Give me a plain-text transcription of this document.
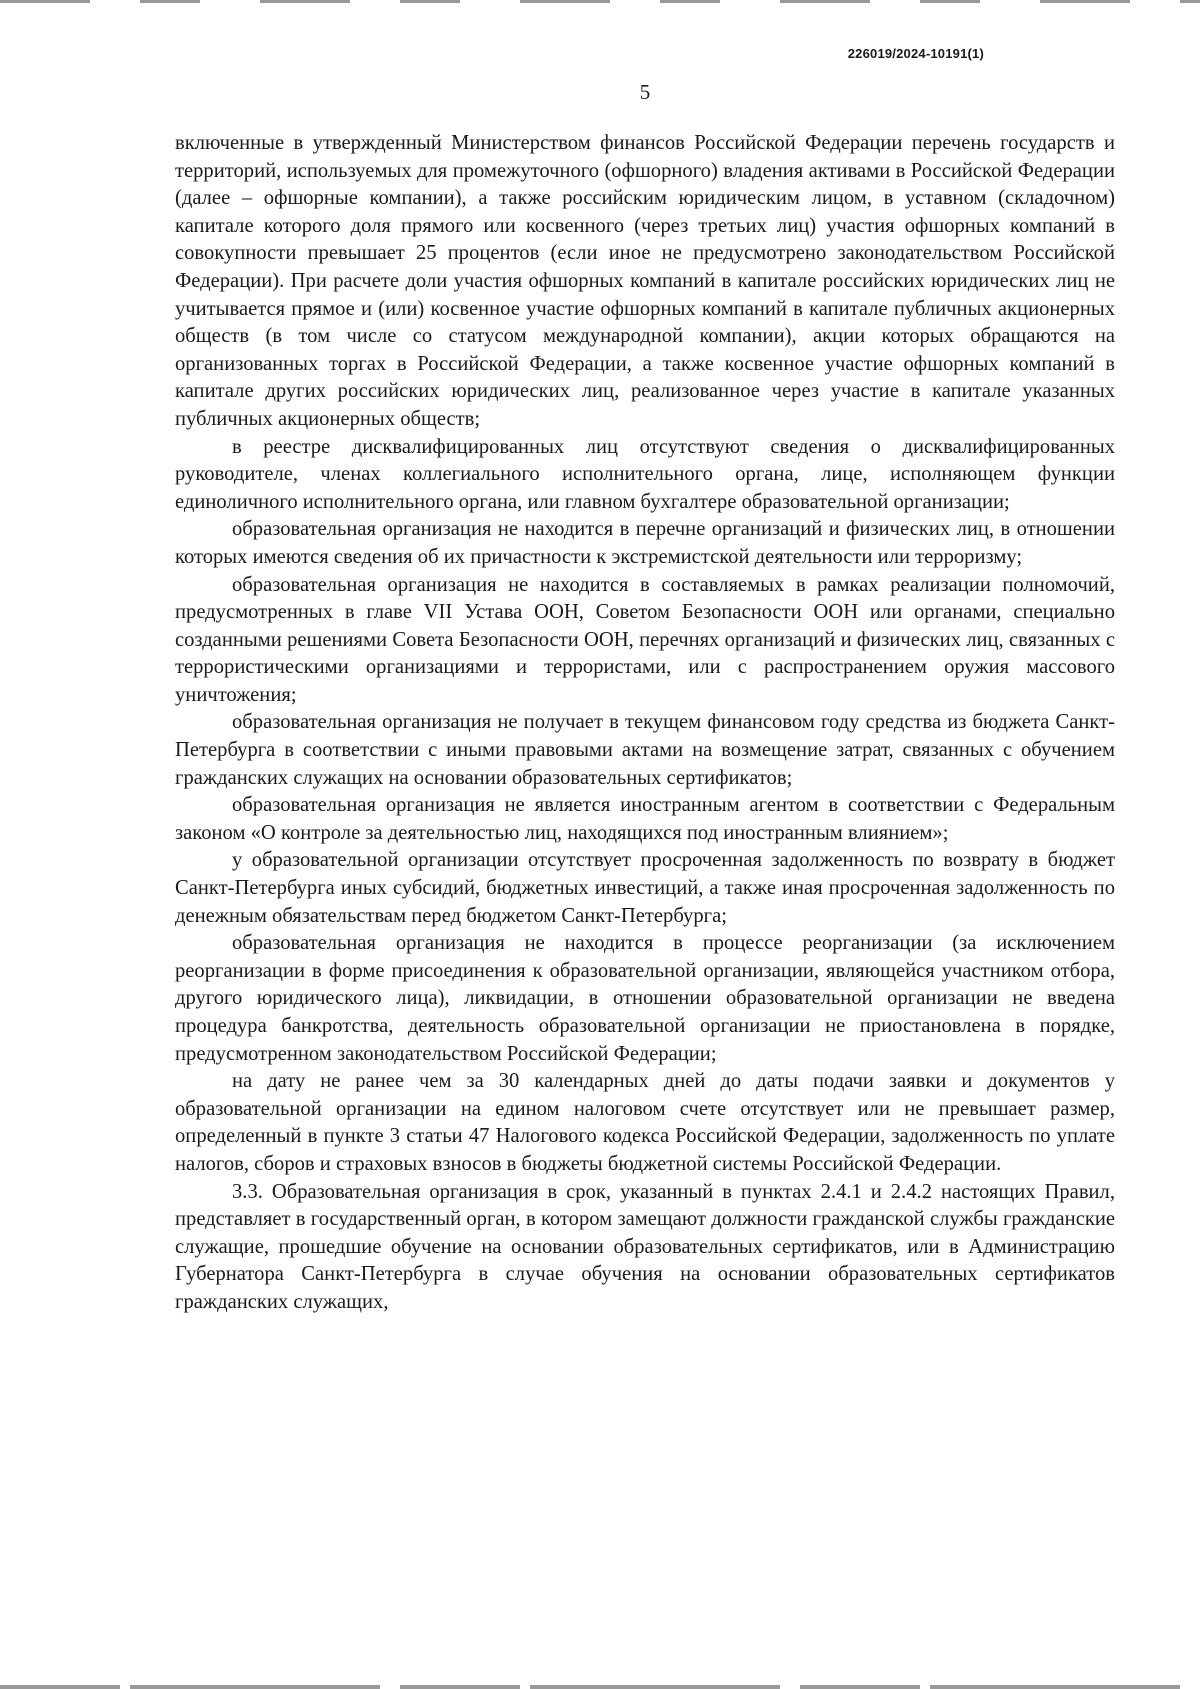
226019/2024-10191(1)
5

включенные в утвержденный Министерством финансов Российской Федерации перечень государств и территорий, используемых для промежуточного (офшорного) владения активами в Российской Федерации (далее – офшорные компании), а также российским юридическим лицом, в уставном (складочном) капитале которого доля прямого или косвенного (через третьих лиц) участия офшорных компаний в совокупности превышает 25 процентов (если иное не предусмотрено законодательством Российской Федерации). При расчете доли участия офшорных компаний в капитале российских юридических лиц не учитывается прямое и (или) косвенное участие офшорных компаний в капитале публичных акционерных обществ (в том числе со статусом международной компании), акции которых обращаются на организованных торгах в Российской Федерации, а также косвенное участие офшорных компаний в капитале других российских юридических лиц, реализованное через участие в капитале указанных публичных акционерных обществ;

в реестре дисквалифицированных лиц отсутствуют сведения о дисквалифицированных руководителе, членах коллегиального исполнительного органа, лице, исполняющем функции единоличного исполнительного органа, или главном бухгалтере образовательной организации;

образовательная организация не находится в перечне организаций и физических лиц, в отношении которых имеются сведения об их причастности к экстремистской деятельности или терроризму;

образовательная организация не находится в составляемых в рамках реализации полномочий, предусмотренных в главе VII Устава ООН, Советом Безопасности ООН или органами, специально созданными решениями Совета Безопасности ООН, перечнях организаций и физических лиц, связанных с террористическими организациями и террористами, или с распространением оружия массового уничтожения;

образовательная организация не получает в текущем финансовом году средства из бюджета Санкт-Петербурга в соответствии с иными правовыми актами на возмещение затрат, связанных с обучением гражданских служащих на основании образовательных сертификатов;

образовательная организация не является иностранным агентом в соответствии с Федеральным законом «О контроле за деятельностью лиц, находящихся под иностранным влиянием»;

у образовательной организации отсутствует просроченная задолженность по возврату в бюджет Санкт-Петербурга иных субсидий, бюджетных инвестиций, а также иная просроченная задолженность по денежным обязательствам перед бюджетом Санкт-Петербурга;

образовательная организация не находится в процессе реорганизации (за исключением реорганизации в форме присоединения к образовательной организации, являющейся участником отбора, другого юридического лица), ликвидации, в отношении образовательной организации не введена процедура банкротства, деятельность образовательной организации не приостановлена в порядке, предусмотренном законодательством Российской Федерации;

на дату не ранее чем за 30 календарных дней до даты подачи заявки и документов у образовательной организации на едином налоговом счете отсутствует или не превышает размер, определенный в пункте 3 статьи 47 Налогового кодекса Российской Федерации, задолженность по уплате налогов, сборов и страховых взносов в бюджеты бюджетной системы Российской Федерации.

3.3. Образовательная организация в срок, указанный в пунктах 2.4.1 и 2.4.2 настоящих Правил, представляет в государственный орган, в котором замещают должности гражданской службы гражданские служащие, прошедшие обучение на основании образовательных сертификатов, или в Администрацию Губернатора Санкт-Петербурга в случае обучения на основании образовательных сертификатов гражданских служащих,
